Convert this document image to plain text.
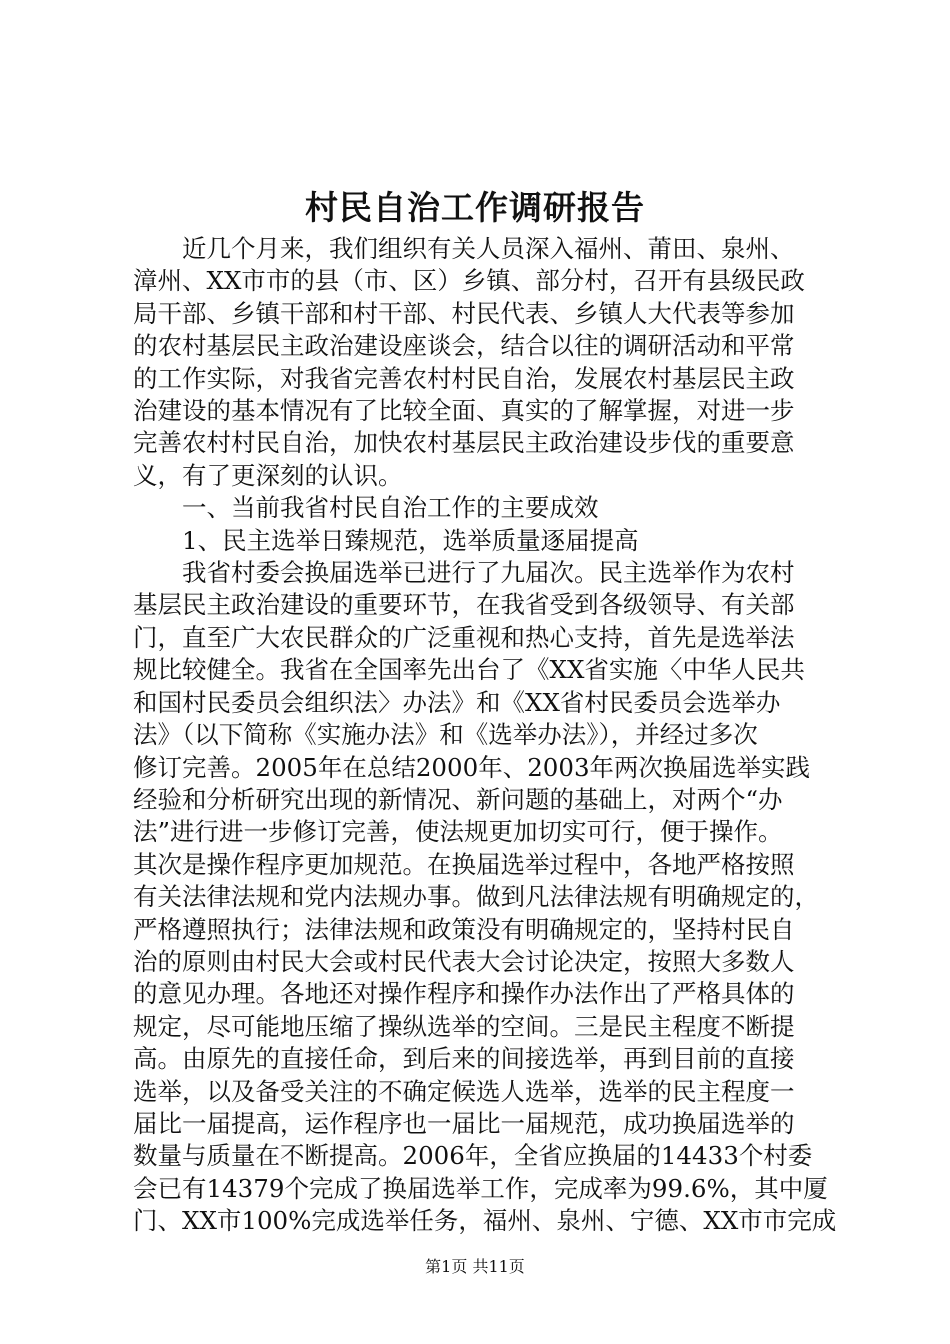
村民自治工作调研报告
近几个月来，我们组织有关人员深入福州、莆田、泉州、
漳州、XX市市的县（市、区）乡镇、部分村，召开有县级民政
局干部、乡镇干部和村干部、村民代表、乡镇人大代表等参加
的农村基层民主政治建设座谈会，结合以往的调研活动和平常
的工作实际，对我省完善农村村民自治，发展农村基层民主政
治建设的基本情况有了比较全面、真实的了解掌握，对进一步
完善农村村民自治，加快农村基层民主政治建设步伐的重要意
义，有了更深刻的认识。
一、当前我省村民自治工作的主要成效
1、民主选举日臻规范，选举质量逐届提高
我省村委会换届选举已进行了九届次。民主选举作为农村
基层民主政治建设的重要环节，在我省受到各级领导、有关部
门，直至广大农民群众的广泛重视和热心支持，首先是选举法
规比较健全。我省在全国率先出台了《XX省实施〈中华人民共
和国村民委员会组织法〉办法》和《XX省村民委员会选举办
法》（以下简称《实施办法》和《选举办法》），并经过多次
修订完善。2005年在总结2000年、2003年两次换届选举实践
经验和分析研究出现的新情况、新问题的基础上，对两个“办
法”进行进一步修订完善，使法规更加切实可行，便于操作。
其次是操作程序更加规范。在换届选举过程中，各地严格按照
有关法律法规和党内法规办事。做到凡法律法规有明确规定的，
严格遵照执行；法律法规和政策没有明确规定的，坚持村民自
治的原则由村民大会或村民代表大会讨论决定，按照大多数人
的意见办理。各地还对操作程序和操作办法作出了严格具体的
规定，尽可能地压缩了操纵选举的空间。三是民主程度不断提
高。由原先的直接任命，到后来的间接选举，再到目前的直接
选举，以及备受关注的不确定候选人选举，选举的民主程度一
届比一届提高，运作程序也一届比一届规范，成功换届选举的
数量与质量在不断提高。2006年，全省应换届的14433个村委
会已有14379个完成了换届选举工作，完成率为99.6%，其中厦
门、XX市100%完成选举任务，福州、泉州、宁德、XX市市完成
第1页 共11页
